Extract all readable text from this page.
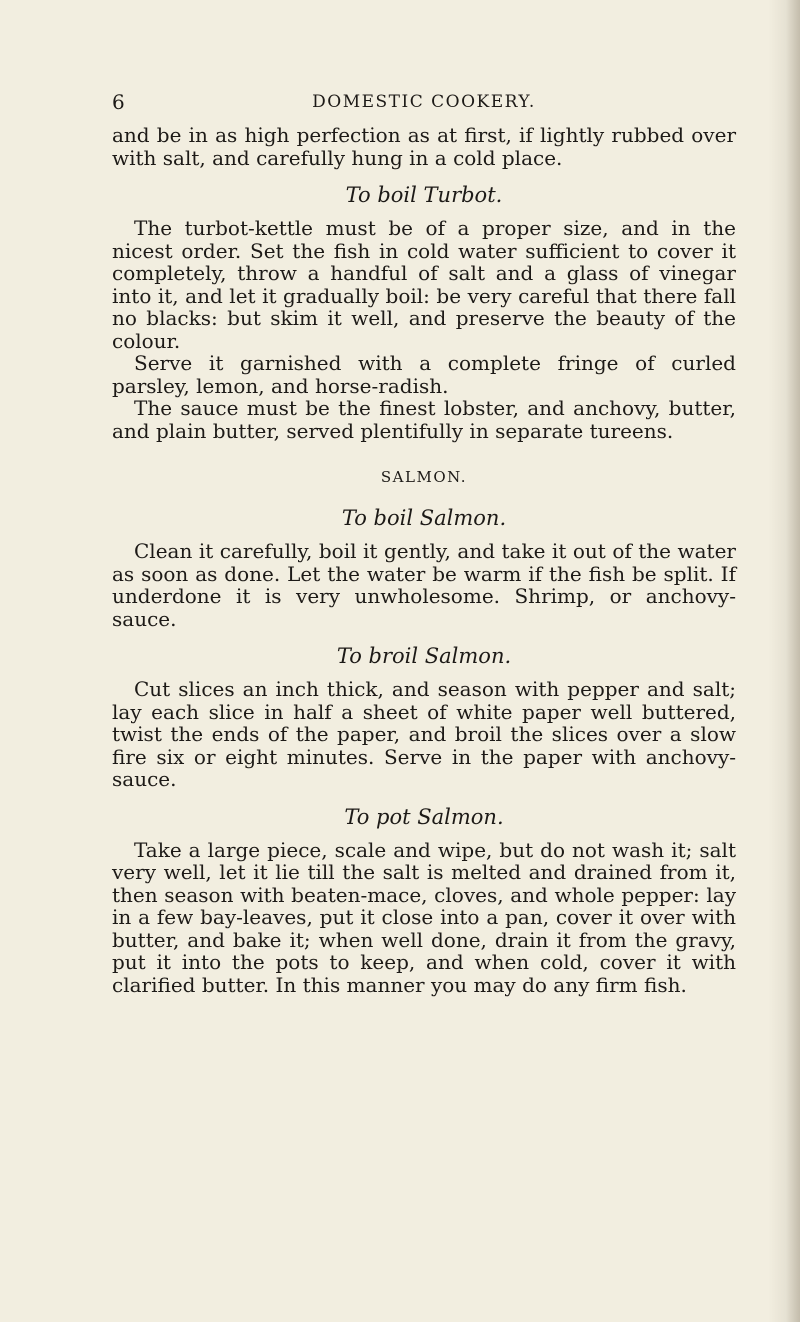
6	DOMESTIC COOKERY.

and be in as high perfection as at first, if lightly rubbed over with salt, and carefully hung in a cold place.

To boil Turbot.

The turbot-kettle must be of a proper size, and in the nicest order. Set the fish in cold water sufficient to cover it completely, throw a handful of salt and a glass of vinegar into it, and let it gradually boil: be very careful that there fall no blacks: but skim it well, and preserve the beauty of the colour.

Serve it garnished with a complete fringe of curled parsley, lemon, and horse-radish.

The sauce must be the finest lobster, and anchovy, butter, and plain butter, served plentifully in separate tureens.

SALMON.
To boil Salmon.

Clean it carefully, boil it gently, and take it out of the water as soon as done. Let the water be warm if the fish be split. If underdone it is very unwholesome. Shrimp, or anchovy-sauce.

To broil Salmon.

Cut slices an inch thick, and season with pepper and salt; lay each slice in half a sheet of white paper well buttered, twist the ends of the paper, and broil the slices over a slow fire six or eight minutes. Serve in the paper with anchovy-sauce.

To pot Salmon.

Take a large piece, scale and wipe, but do not wash it; salt very well, let it lie till the salt is melted and drained from it, then season with beaten-mace, cloves, and whole pepper: lay in a few bay-leaves, put it close into a pan, cover it over with butter, and bake it; when well done, drain it from the gravy, put it into the pots to keep, and when cold, cover it with clarified butter. In this manner you may do any firm fish.
